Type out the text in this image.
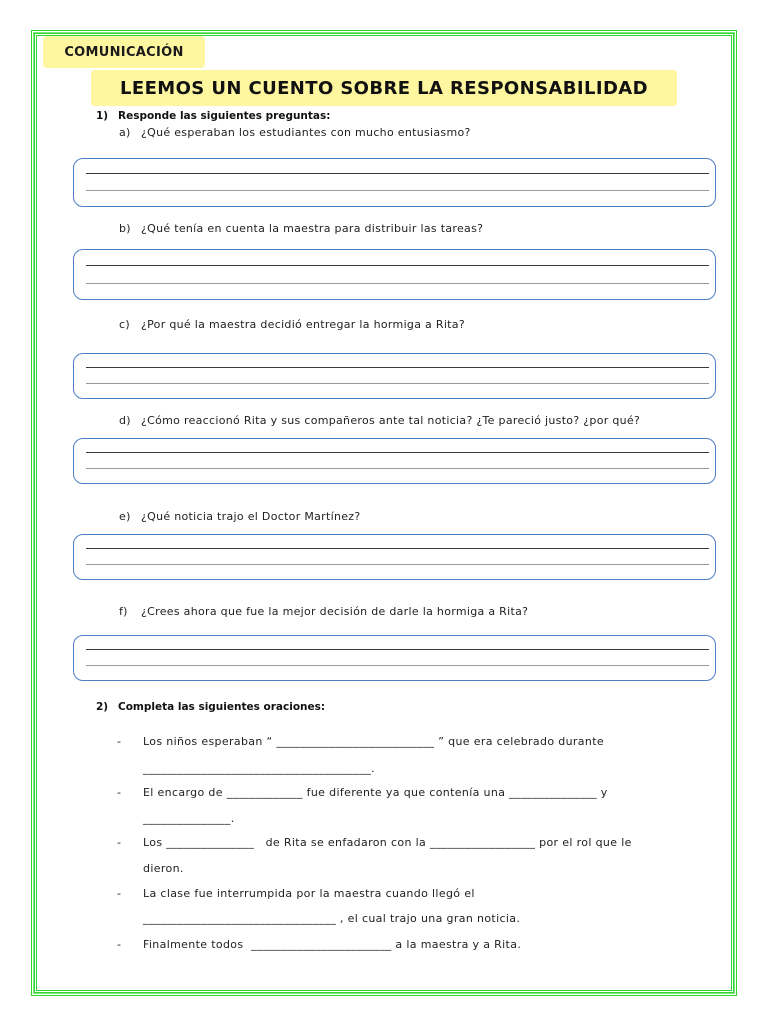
COMUNICACIÓN
LEEMOS UN CUENTO SOBRE LA RESPONSABILIDAD
1) Responde las siguientes preguntas:
a) ¿Qué esperaban los estudiantes con mucho entusiasmo?
b) ¿Qué tenía en cuenta la maestra para distribuir las tareas?
c) ¿Por qué la maestra decidió entregar la hormiga a Rita?
d) ¿Cómo reaccionó Rita y sus compañeros ante tal noticia? ¿Te pareció justo? ¿por qué?
e) ¿Qué noticia trajo el Doctor Martínez?
f) ¿Crees ahora que fue la mejor decisión de darle la hormiga a Rita?
2) Completa las siguientes oraciones:
- Los niños esperaban “ ___________________________ ” que era celebrado durante
_______________________________________.
- El encargo de _____________ fue diferente ya que contenía una _______________ y
_______________.
- Los _______________   de Rita se enfadaron con la __________________ por el rol que le
dieron.
- La clase fue interrumpida por la maestra cuando llegó el
_________________________________ , el cual trajo una gran noticia.
- Finalmente todos  ________________________ a la maestra y a Rita.
